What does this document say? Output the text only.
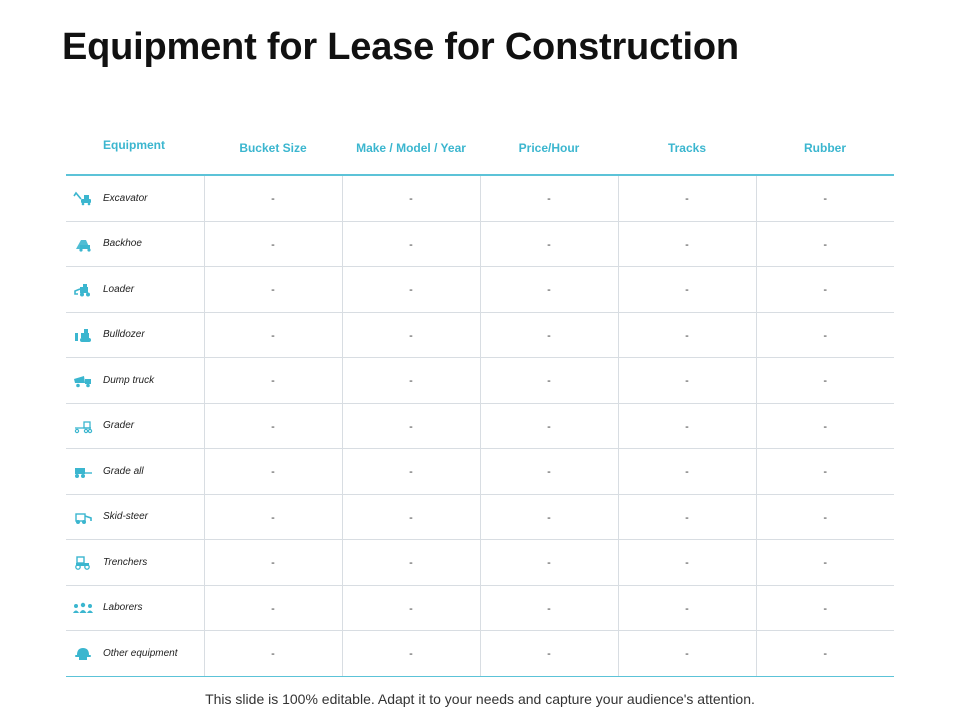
Equipment for Lease for Construction
Equipment	Bucket Size	Make / Model / Year	Price/Hour	Tracks	Rubber

Excavator	-	-	-	-	-

Backhoe	-	-	-	-	-

Loader	-	-	-	-	-

Bulldozer	-	-	-	-	-

Dump truck	-	-	-	-	-

Grader	-	-	-	-	-

Grade all	-	-	-	-	-

Skid-steer	-	-	-	-	-

Trenchers	-	-	-	-	-

Laborers	-	-	-	-	-

Other equipment	-	-	-	-	-
This slide is 100% editable. Adapt it to your needs and capture your audience's attention.
